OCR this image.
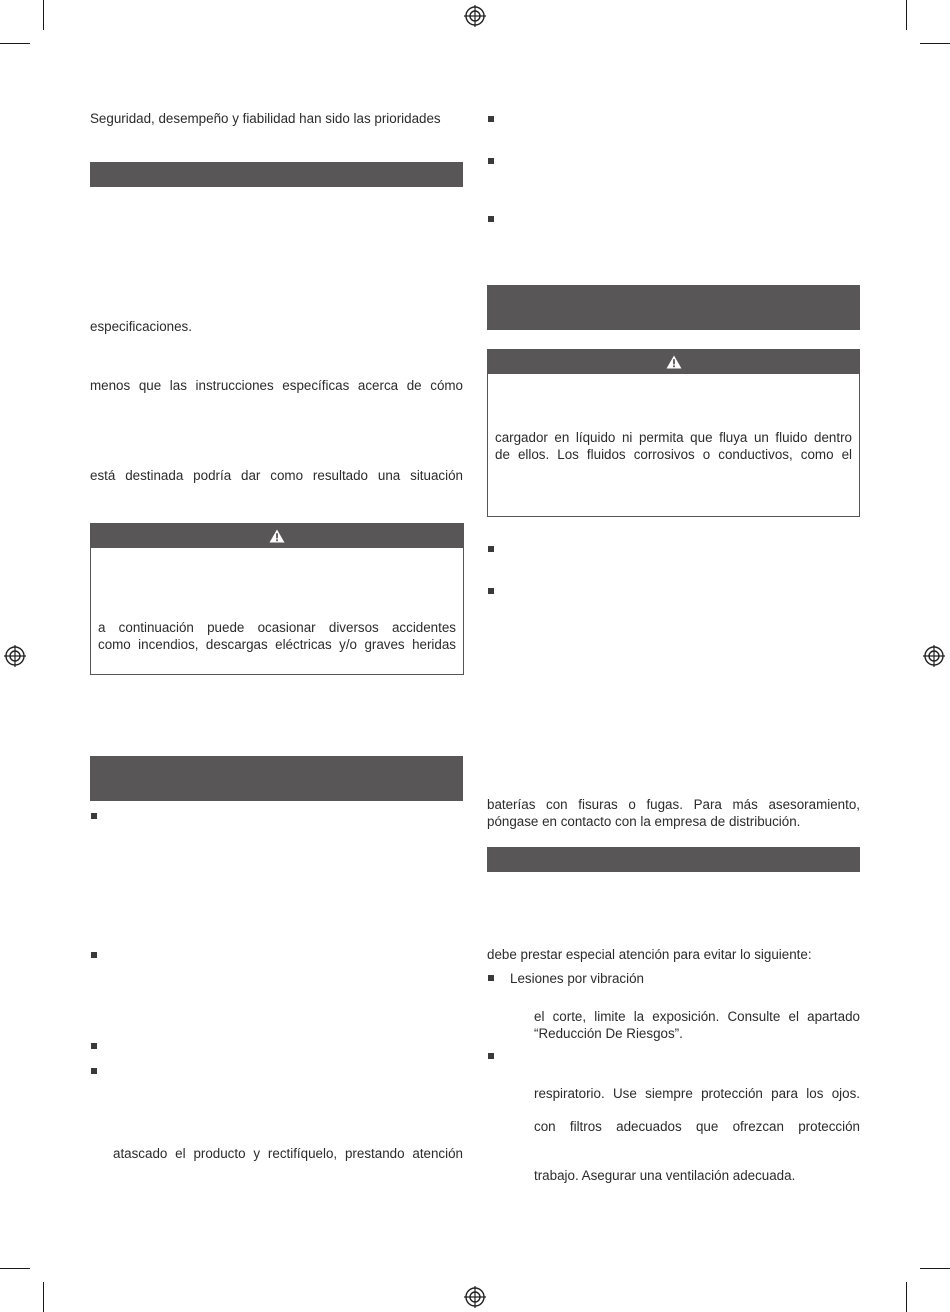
Seguridad, desempeño y fiabilidad han sido las prioridades
especificaciones.
menos que las instrucciones específicas acerca de cómo
está destinada podría dar como resultado una situación
a continuación puede ocasionar diversos accidentes
como incendios, descargas eléctricas y/o graves heridas
atascado el producto y rectifíquelo, prestando atención
cargador en líquido ni permita que fluya un fluido dentro
de ellos. Los fluidos corrosivos o conductivos, como el
baterías con fisuras o fugas. Para más asesoramiento,
póngase en contacto con la empresa de distribución.
debe prestar especial atención para evitar lo siguiente:
Lesiones por vibración
el corte, limite la exposición. Consulte el apartado
“Reducción De Riesgos”.
respiratorio. Use siempre protección para los ojos.
con filtros adecuados que ofrezcan protección
trabajo. Asegurar una ventilación adecuada.
